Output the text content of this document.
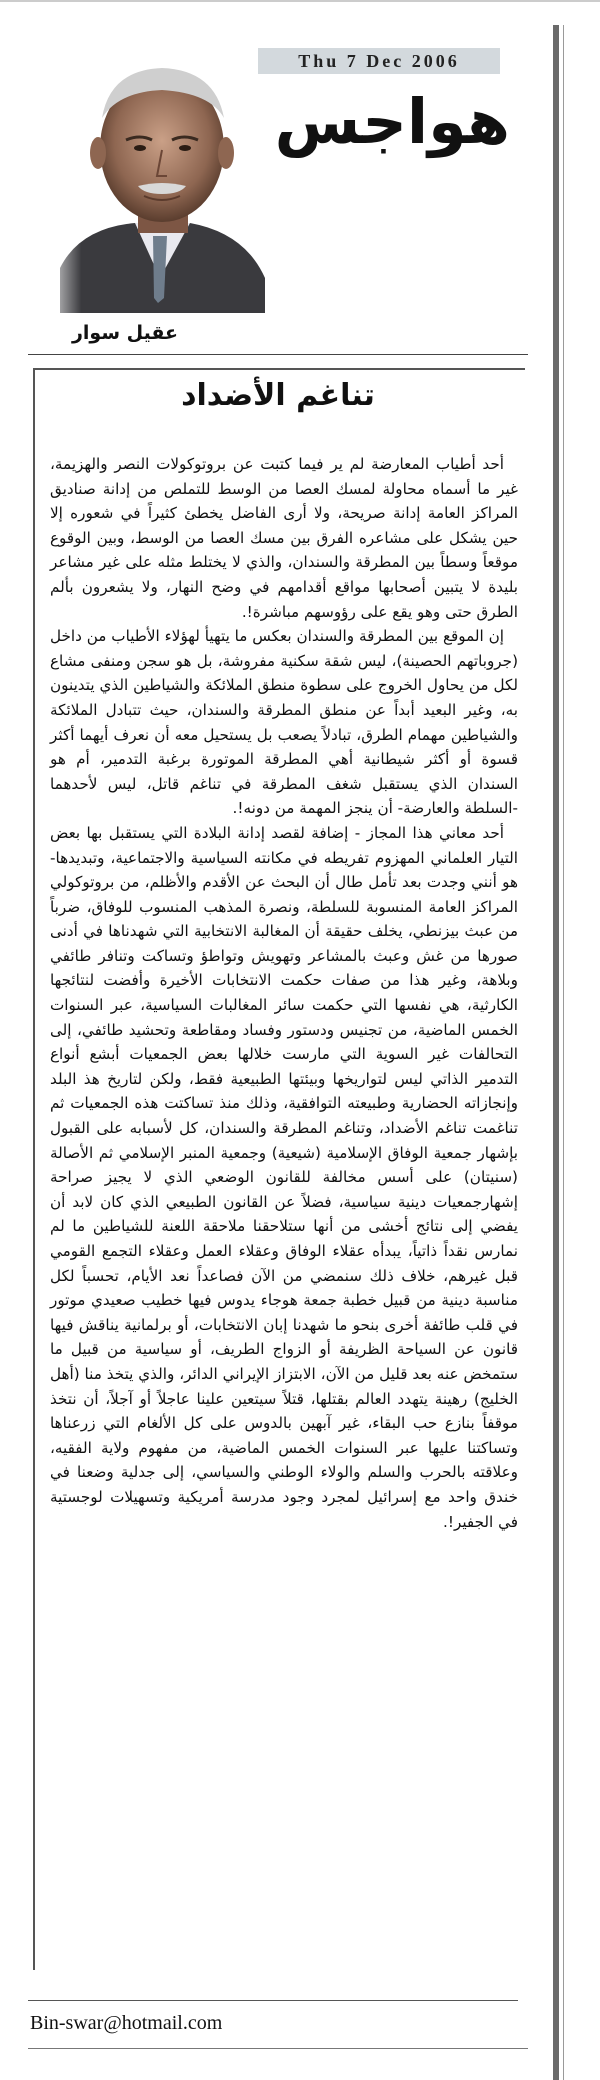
Thu 7 Dec 2006
هواجس
عقيل سوار
تناغم الأضداد

أحد أطياب المعارضة لم ير فيما كتبت عن بروتوكولات النصر والهزيمة، غير ما أسماه محاولة لمسك العصا من الوسط للتملص من إدانة صناديق المراكز العامة إدانة صريحة، ولا أرى الفاضل يخطئ كثيراً في شعوره إلا حين يشكل على مشاعره الفرق بين مسك العصا من الوسط، وبين الوقوع موقعاً وسطاً بين المطرقة والسندان، والذي لا يختلط مثله على غير مشاعر بليدة لا يتبين أصحابها مواقع أقدامهم في وضح النهار، ولا يشعرون بألم الطرق حتى وهو يقع على رؤوسهم مباشرة!.

إن الموقع بين المطرقة والسندان بعكس ما يتهيأ لهؤلاء الأطياب من داخل (جروباتهم الحصينة)، ليس شقة سكنية مفروشة، بل هو سجن ومنفى مشاع لكل من يحاول الخروج على سطوة منطق الملائكة والشياطين الذي يتدينون به، وغير البعيد أبداً عن منطق المطرقة والسندان، حيث تتبادل الملائكة والشياطين مهمام الطرق، تبادلاً يصعب بل يستحيل معه أن نعرف أيهما أكثر قسوة أو أكثر شيطانية أهي المطرقة الموتورة برغبة التدمير، أم هو السندان الذي يستقبل شغف المطرقة في تناغم قاتل، ليس لأحدهما -السلطة والعارضة- أن ينجز المهمة من دونه!.

أحد معاني هذا المجاز - إضافة لقصد إدانة البلادة التي يستقبل بها بعض التيار العلماني المهزوم تفريطه في مكانته السياسية والاجتماعية، وتبديدها- هو أنني وجدت بعد تأمل طال أن البحث عن الأقدم والأظلم، من بروتوكولي المراكز العامة المنسوبة للسلطة، ونصرة المذهب المنسوب للوفاق، ضرباً من عبث بيزنطي، يخلف حقيقة أن المغالبة الانتخابية التي شهدناها في أدنى صورها من غش وعبث بالمشاعر وتهويش وتواطؤ وتساكت وتنافر طائفي وبلاهة، وغير هذا من صفات حكمت الانتخابات الأخيرة وأفضت لنتائجها الكارثية، هي نفسها التي حكمت سائر المغالبات السياسية، عبر السنوات الخمس الماضية، من تجنيس ودستور وفساد ومقاطعة وتحشيد طائفي، إلى التحالفات غير السوية التي مارست خلالها بعض الجمعيات أبشع أنواع التدمير الذاتي ليس لتواريخها وبيئتها الطبيعية فقط، ولكن لتاريخ هذ البلد وإنجازاته الحضارية وطبيعته التوافقية، وذلك منذ تساكتت هذه الجمعيات ثم تناغمت تناغم الأضداد، وتناغم المطرقة والسندان، كل لأسبابه على القبول بإشهار جمعية الوفاق الإسلامية (شيعية) وجمعية المنبر الإسلامي ثم الأصالة (سنيتان) على أسس مخالفة للقانون الوضعي الذي لا يجيز صراحة إشهارجمعيات دينية سياسية، فضلاً عن القانون الطبيعي الذي كان لابد أن يفضي إلى نتائج أخشى من أنها ستلاحقنا ملاحقة اللعنة للشياطين ما لم نمارس نقداً ذاتياً، يبدأه عقلاء الوفاق وعقلاء العمل وعقلاء التجمع القومي قبل غيرهم، خلاف ذلك سنمضي من الآن فصاعداً نعد الأيام، تحسباً لكل مناسبة دينية من قبيل خطبة جمعة هوجاء يدوس فيها خطيب صعيدي موتور في قلب طائفة أخرى بنحو ما شهدنا إبان الانتخابات، أو برلمانية يناقش فيها قانون عن السياحة الظريفة أو الزواج الطريف، أو سياسية من قبيل ما ستمخض عنه بعد قليل من الآن، الابتزاز الإيراني الدائر، والذي يتخذ منا (أهل الخليج) رهينة يتهدد العالم بقتلها، قتلاً سيتعين علينا عاجلاً أو آجلاً، أن نتخذ موقفاً بنازع حب البقاء، غير آبهين بالدوس على كل الألغام التي زرعناها وتساكتنا عليها عبر السنوات الخمس الماضية، من مفهوم ولاية الفقيه، وعلاقته بالحرب والسلم والولاء الوطني والسياسي، إلى جدلية وضعنا في خندق واحد مع إسرائيل لمجرد وجود مدرسة أمريكية وتسهيلات لوجستية في الجفير!.

Bin-swar@hotmail.com
